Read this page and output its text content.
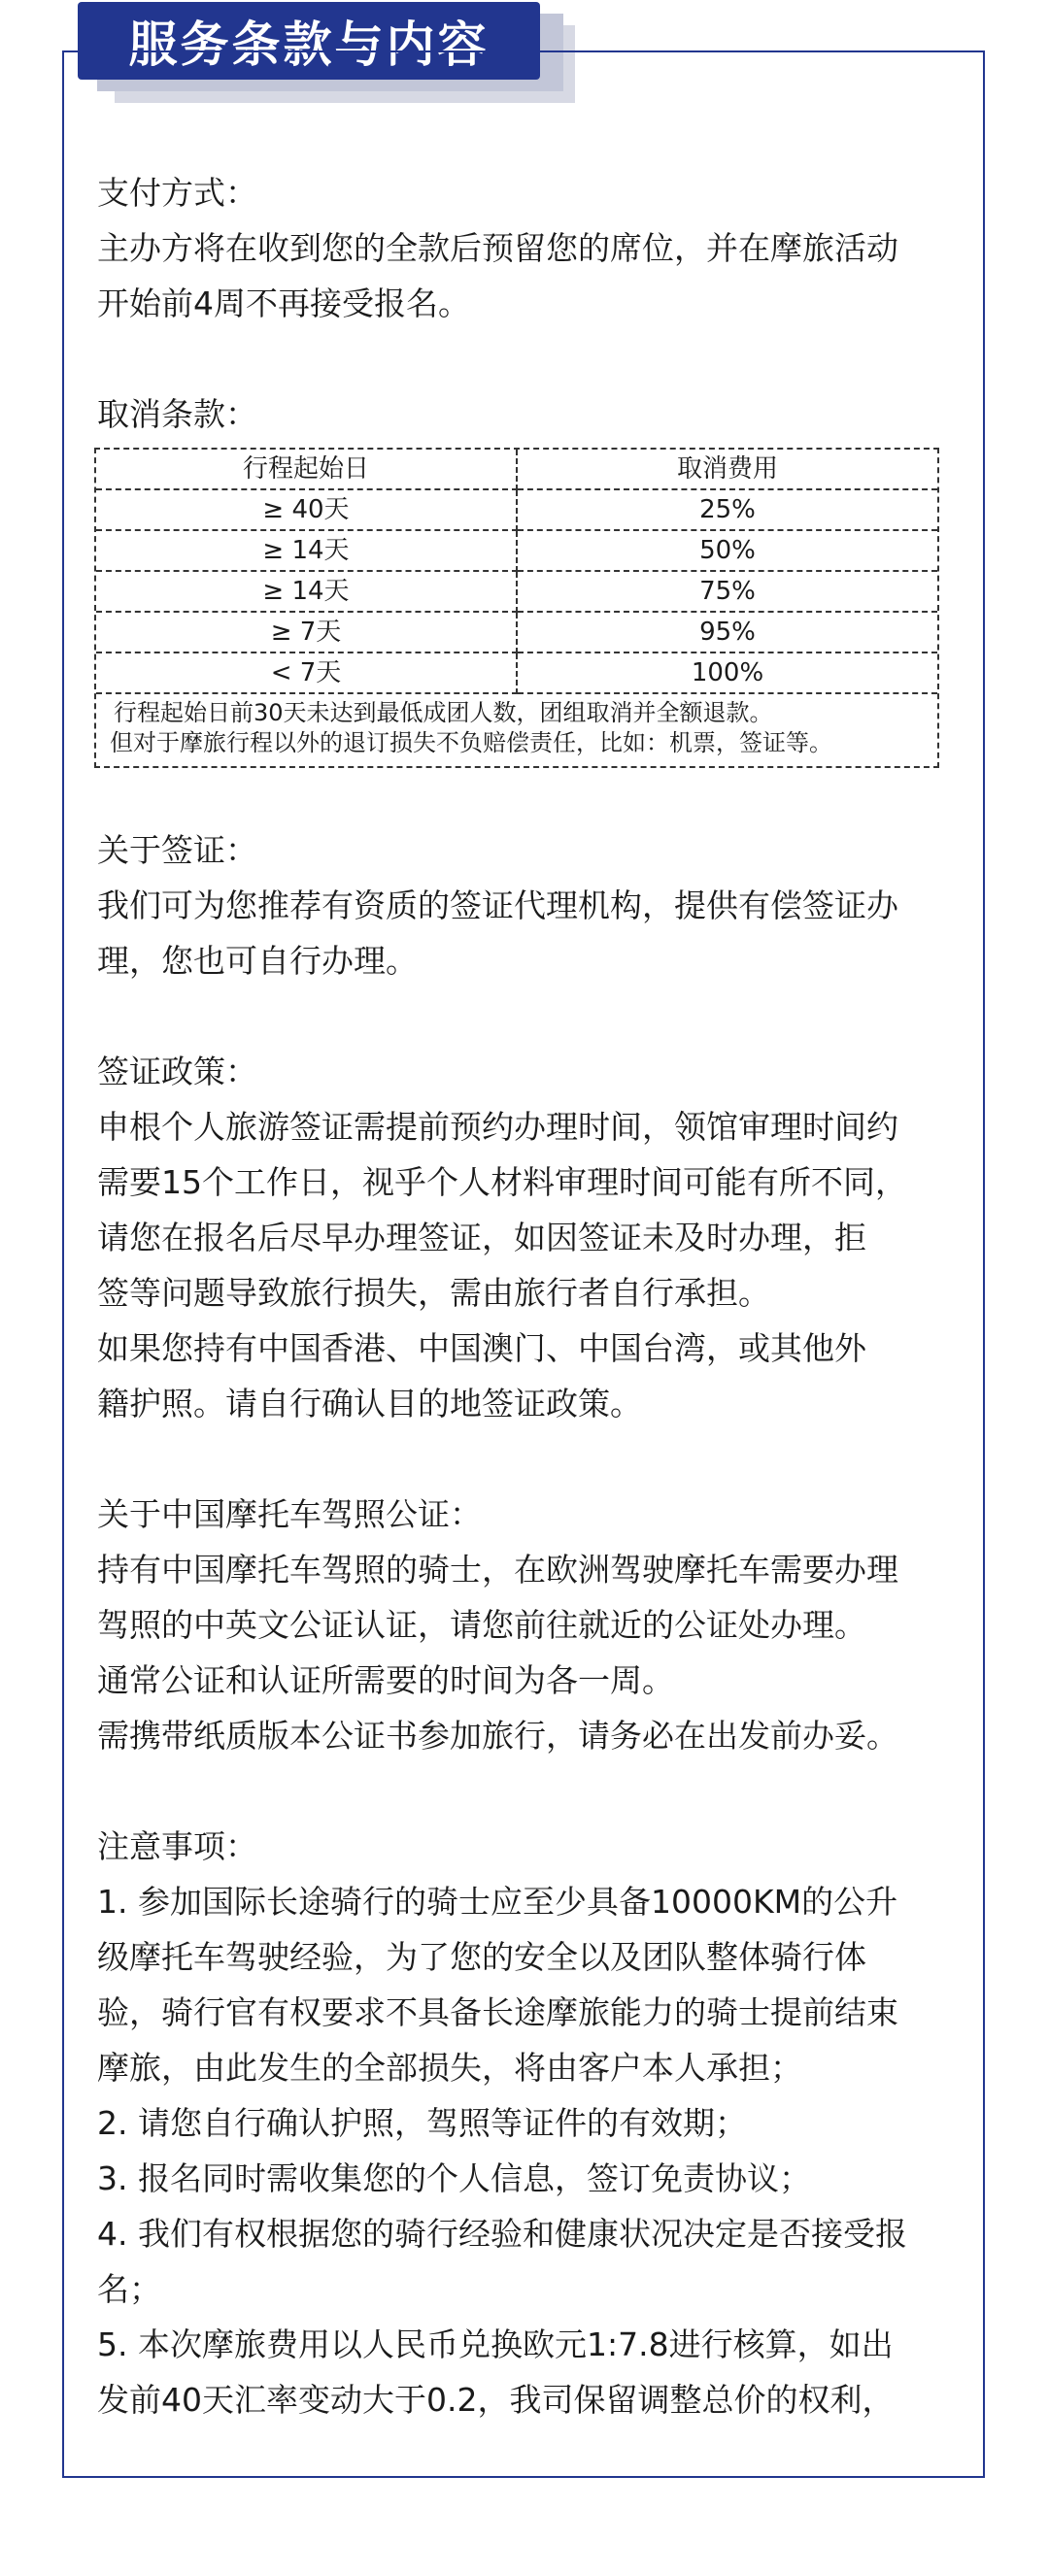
服务条款与内容

支付方式：

主办方将在收到您的全款后预留您的席位，并在摩旅活动

开始前4周不再接受报名。

取消条款：

行程起始日	取消费用
≥ 40天	25%
≥ 14天	50%
≥ 14天	75%
≥ 7天	95%
< 7天	100%
行程起始日前30天未达到最低成团人数，团组取消并全额退款。
但对于摩旅行程以外的退订损失不负赔偿责任，比如：机票，签证等。

关于签证：

我们可为您推荐有资质的签证代理机构，提供有偿签证办

理，您也可自行办理。

签证政策：

申根个人旅游签证需提前预约办理时间，领馆审理时间约

需要15个工作日，视乎个人材料审理时间可能有所不同，

请您在报名后尽早办理签证，如因签证未及时办理，拒

签等问题导致旅行损失，需由旅行者自行承担。

如果您持有中国香港、中国澳门、中国台湾，或其他外

籍护照。请自行确认目的地签证政策。

关于中国摩托车驾照公证：

持有中国摩托车驾照的骑士，在欧洲驾驶摩托车需要办理

驾照的中英文公证认证，请您前往就近的公证处办理。

通常公证和认证所需要的时间为各一周。

需携带纸质版本公证书参加旅行，请务必在出发前办妥。

注意事项：

1. 参加国际长途骑行的骑士应至少具备10000KM的公升

级摩托车驾驶经验，为了您的安全以及团队整体骑行体

验，骑行官有权要求不具备长途摩旅能力的骑士提前结束

摩旅，由此发生的全部损失，将由客户本人承担；

2. 请您自行确认护照，驾照等证件的有效期；

3. 报名同时需收集您的个人信息，签订免责协议；

4. 我们有权根据您的骑行经验和健康状况决定是否接受报

名；

5. 本次摩旅费用以人民币兑换欧元1:7.8进行核算，如出

发前40天汇率变动大于0.2，我司保留调整总价的权利，
